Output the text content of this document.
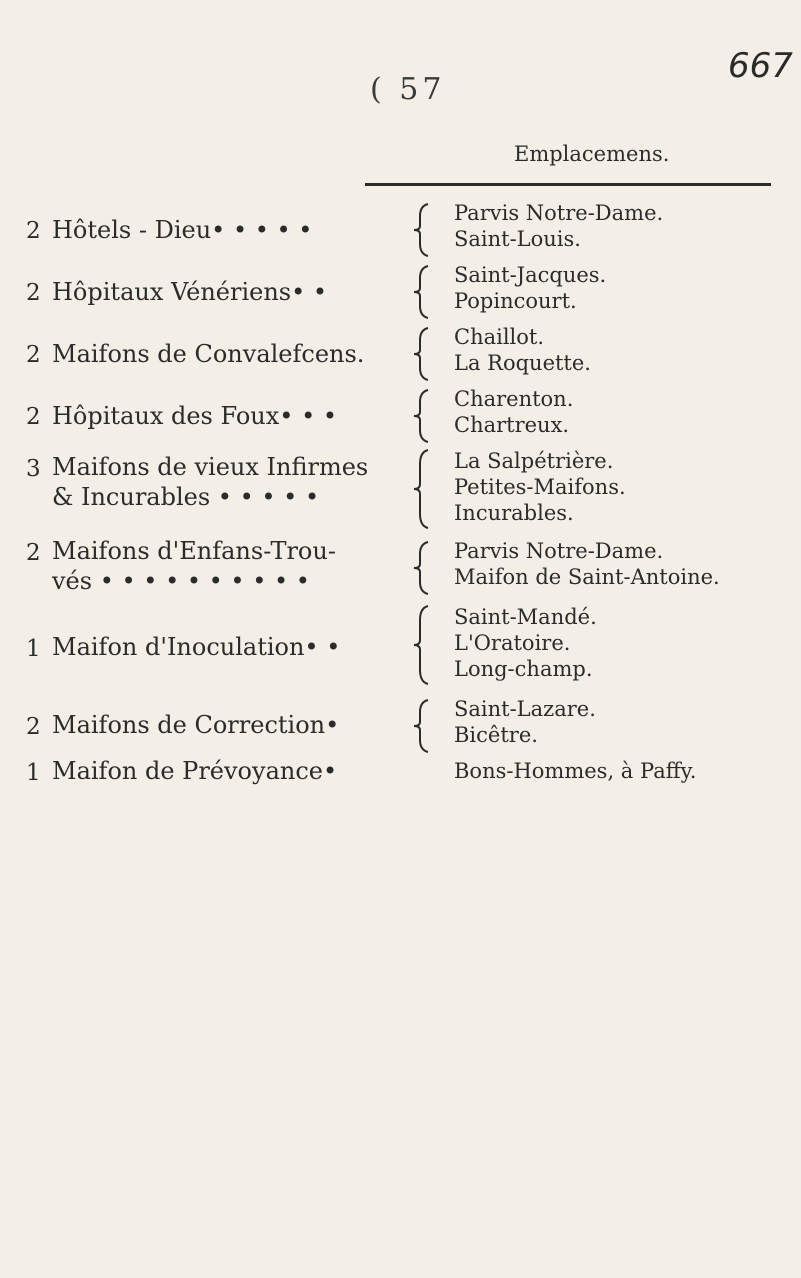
( 57
667
Emplacemens.
2 Hôtels - Dieu• • • • •
Parvis Notre-Dame.
Saint-Louis.
2 Hôpitaux Vénériens• •
Saint-Jacques.
Popincourt.
2 Maifons de Convalefcens.
Chaillot.
La Roquette.
2 Hôpitaux des Foux• • •
Charenton.
Chartreux.
3 Maifons de vieux Infirmes
& Incurables • • • • •
La Salpétrière.
Petites-Maifons.
Incurables.
2 Maifons d'Enfans-Trou-
vés • • • • • • • • • •
Parvis Notre-Dame.
Maifon de Saint-Antoine.
1 Maifon d'Inoculation• •
Saint-Mandé.
L'Oratoire.
Long-champ.
2 Maifons de Correction•
Saint-Lazare.
Bicêtre.
1 Maifon de Prévoyance•	Bons-Hommes, à Paffy.
